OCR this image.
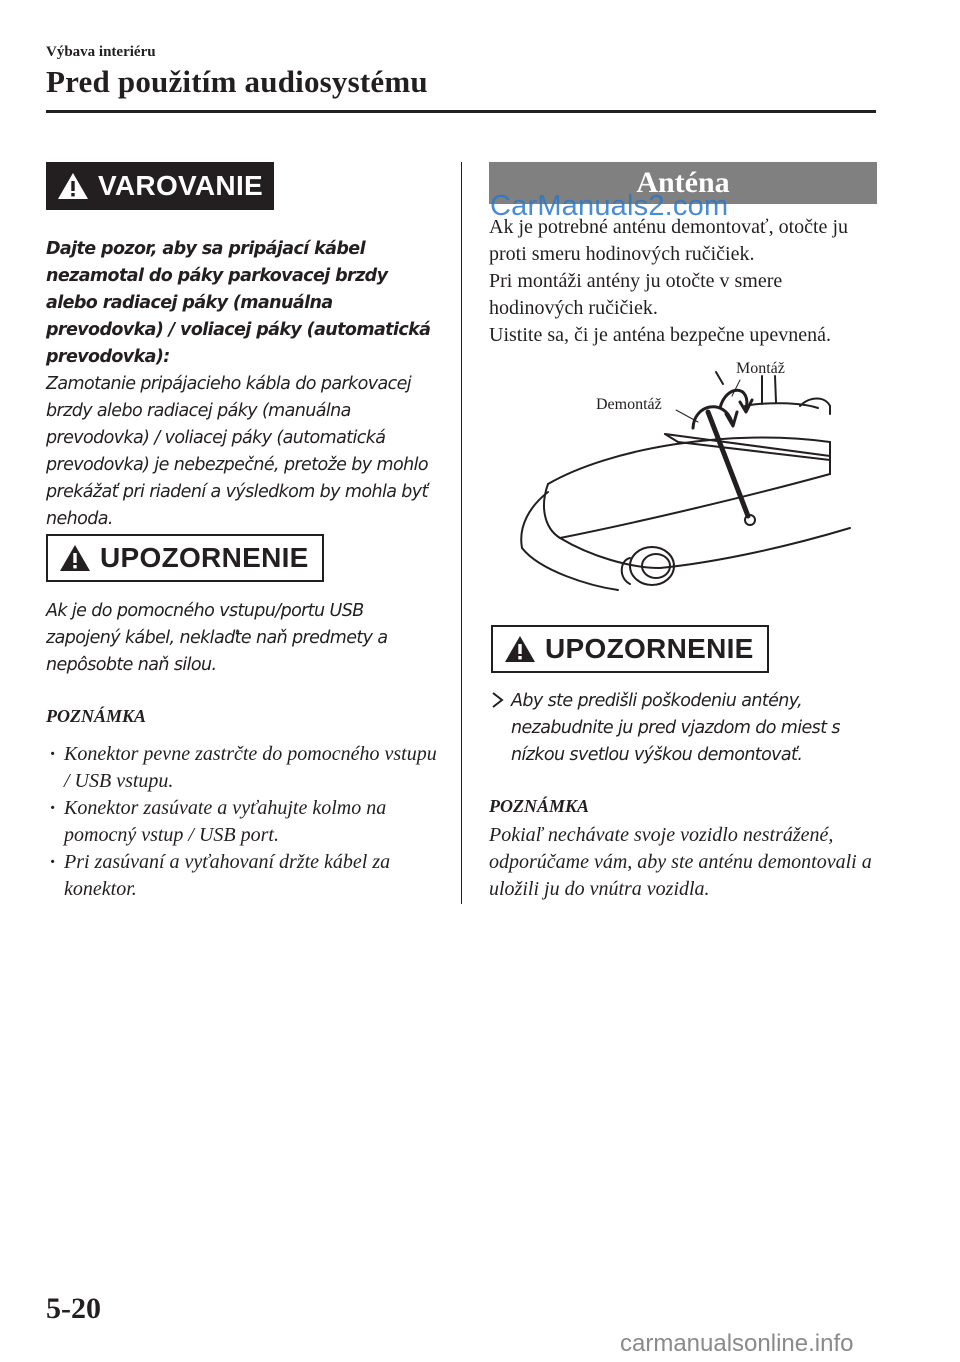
Výbava interiéru
Pred použitím audiosystému
VAROVANIE
Dajte pozor, aby sa pripájací kábel nezamotal do páky parkovacej brzdy alebo radiacej páky (manuálna prevodovka) / voliacej páky (automatická prevodovka):
Zamotanie pripájacieho kábla do parkovacej brzdy alebo radiacej páky (manuálna prevodovka) / voliacej páky (automatická prevodovka) je nebezpečné, pretože by mohlo prekážať pri riadení a výsledkom by mohla byť nehoda.
UPOZORNENIE
Ak je do pomocného vstupu/portu USB zapojený kábel, neklaďte naň predmety a nepôsobte naň silou.
POZNÁMKA
· Konektor pevne zastrčte do pomocného vstupu / USB vstupu.
· Konektor zasúvate a vyťahujte kolmo na pomocný vstup / USB port.
· Pri zasúvaní a vyťahovaní držte kábel za konektor.
Anténa
CarManuals2.com
Ak je potrebné anténu demontovať, otočte ju proti smeru hodinových ručičiek.
Pri montáži antény ju otočte v smere hodinových ručičiek.
Uistite sa, či je anténa bezpečne upevnená.
Demontáž
Montáž
UPOZORNENIE
Aby ste predišli poškodeniu antény, nezabudnite ju pred vjazdom do miest s nízkou svetlou výškou demontovať.
POZNÁMKA
Pokiaľ nechávate svoje vozidlo nestrážené, odporúčame vám, aby ste anténu demontovali a uložili ju do vnútra vozidla.
5-20
carmanualsonline.info
